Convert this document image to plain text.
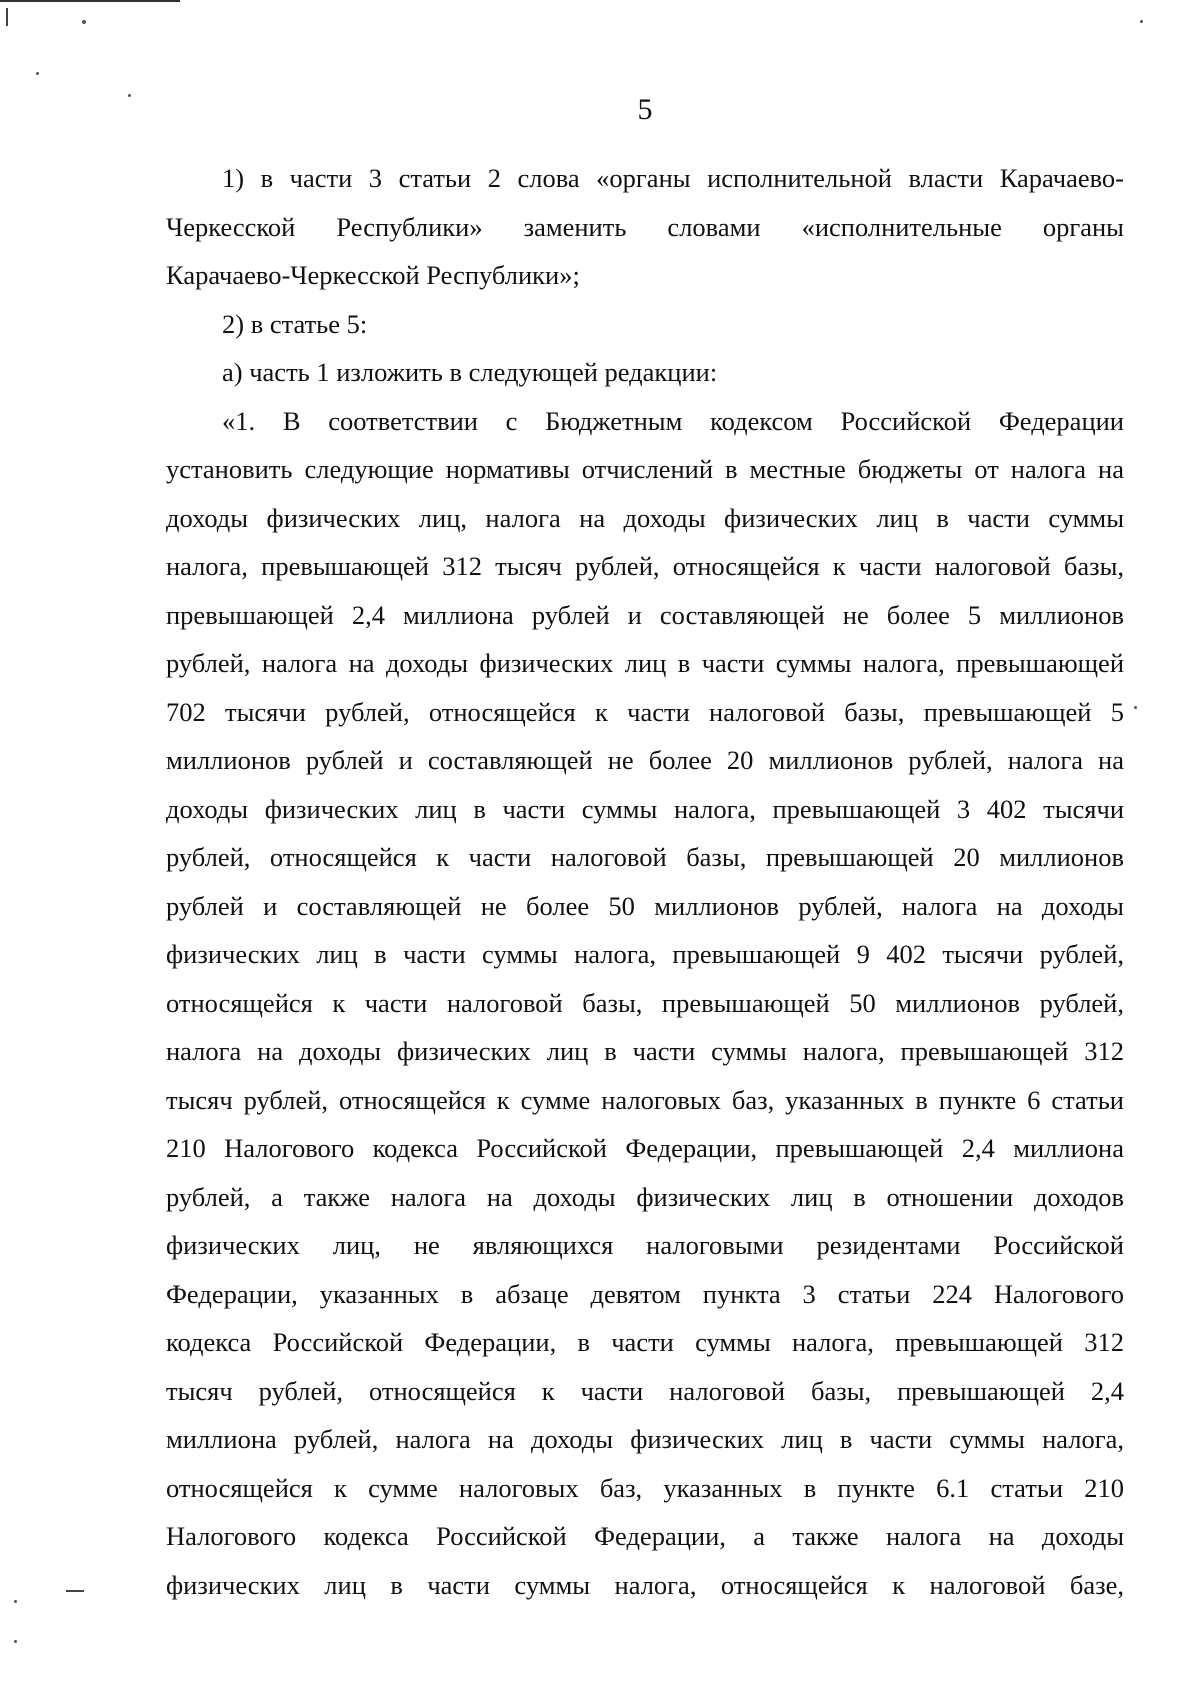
5
1) в части 3 статьи 2 слова «органы исполнительной власти Карачаево-
Черкесской Республики» заменить словами «исполнительные органы
Карачаево-Черкесской Республики»;
2) в статье 5:
а) часть 1 изложить в следующей редакции:
«1. В соответствии с Бюджетным кодексом Российской Федерации
установить следующие нормативы отчислений в местные бюджеты от налога на
доходы физических лиц, налога на доходы физических лиц в части суммы
налога, превышающей 312 тысяч рублей, относящейся к части налоговой базы,
превышающей 2,4 миллиона рублей и составляющей не более 5 миллионов
рублей, налога на доходы физических лиц в части суммы налога, превышающей
702 тысячи рублей, относящейся к части налоговой базы, превышающей 5
миллионов рублей и составляющей не более 20 миллионов рублей, налога на
доходы физических лиц в части суммы налога, превышающей 3 402 тысячи
рублей, относящейся к части налоговой базы, превышающей 20 миллионов
рублей и составляющей не более 50 миллионов рублей, налога на доходы
физических лиц в части суммы налога, превышающей 9 402 тысячи рублей,
относящейся к части налоговой базы, превышающей 50 миллионов рублей,
налога на доходы физических лиц в части суммы налога, превышающей 312
тысяч рублей, относящейся к сумме налоговых баз, указанных в пункте 6 статьи
210 Налогового кодекса Российской Федерации, превышающей 2,4 миллиона
рублей, а также налога на доходы физических лиц в отношении доходов
физических лиц, не являющихся налоговыми резидентами Российской
Федерации, указанных в абзаце девятом пункта 3 статьи 224 Налогового
кодекса Российской Федерации, в части суммы налога, превышающей 312
тысяч рублей, относящейся к части налоговой базы, превышающей 2,4
миллиона рублей, налога на доходы физических лиц в части суммы налога,
относящейся к сумме налоговых баз, указанных в пункте 6.1 статьи 210
Налогового кодекса Российской Федерации, а также налога на доходы
физических лиц в части суммы налога, относящейся к налоговой базе,
